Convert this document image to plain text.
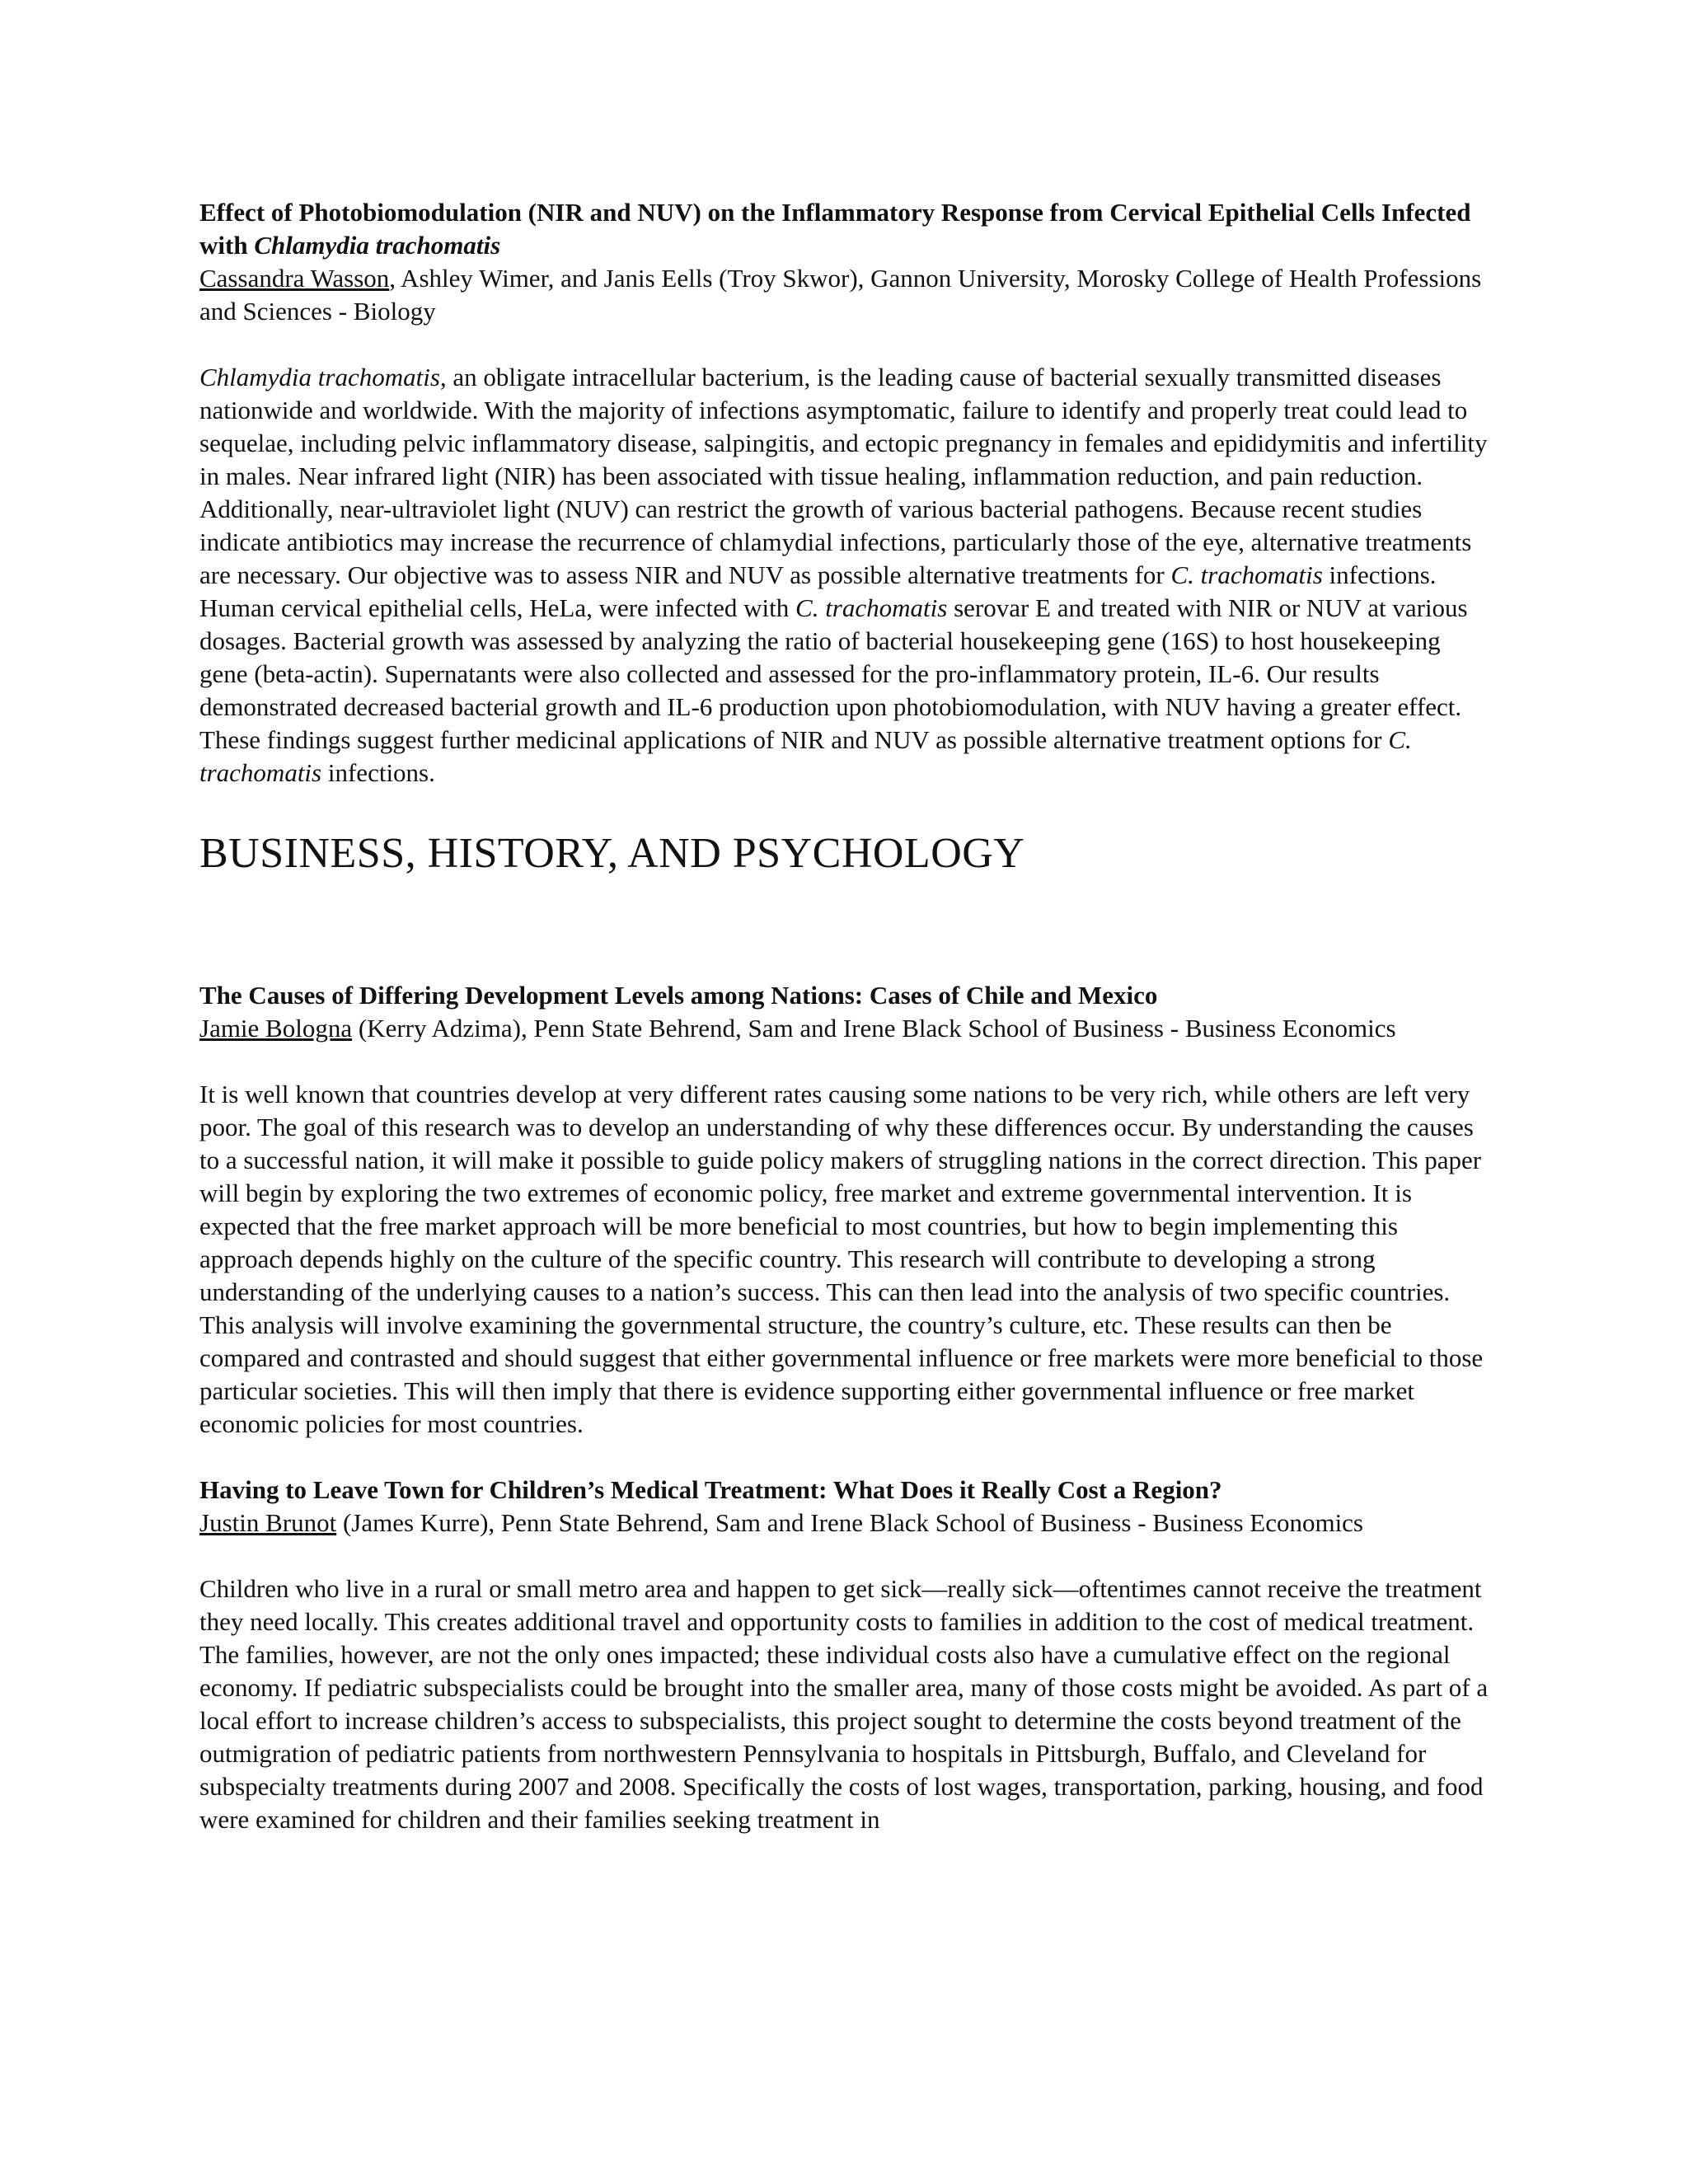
Effect of Photobiomodulation (NIR and NUV) on the Inflammatory Response from Cervical Epithelial Cells Infected with Chlamydia trachomatis

Cassandra Wasson, Ashley Wimer, and Janis Eells (Troy Skwor), Gannon University, Morosky College of Health Professions and Sciences - Biology

Chlamydia trachomatis, an obligate intracellular bacterium, is the leading cause of bacterial sexually transmitted diseases nationwide and worldwide. With the majority of infections asymptomatic, failure to identify and properly treat could lead to sequelae, including pelvic inflammatory disease, salpingitis, and ectopic pregnancy in females and epididymitis and infertility in males. Near infrared light (NIR) has been associated with tissue healing, inflammation reduction, and pain reduction. Additionally, near-ultraviolet light (NUV) can restrict the growth of various bacterial pathogens. Because recent studies indicate antibiotics may increase the recurrence of chlamydial infections, particularly those of the eye, alternative treatments are necessary. Our objective was to assess NIR and NUV as possible alternative treatments for C. trachomatis infections. Human cervical epithelial cells, HeLa, were infected with C. trachomatis serovar E and treated with NIR or NUV at various dosages. Bacterial growth was assessed by analyzing the ratio of bacterial housekeeping gene (16S) to host housekeeping gene (beta-actin). Supernatants were also collected and assessed for the pro-inflammatory protein, IL-6. Our results demonstrated decreased bacterial growth and IL-6 production upon photobiomodulation, with NUV having a greater effect. These findings suggest further medicinal applications of NIR and NUV as possible alternative treatment options for C. trachomatis infections.

BUSINESS, HISTORY, AND PSYCHOLOGY

The Causes of Differing Development Levels among Nations: Cases of Chile and Mexico

Jamie Bologna (Kerry Adzima), Penn State Behrend, Sam and Irene Black School of Business - Business Economics

It is well known that countries develop at very different rates causing some nations to be very rich, while others are left very poor. The goal of this research was to develop an understanding of why these differences occur. By understanding the causes to a successful nation, it will make it possible to guide policy makers of struggling nations in the correct direction. This paper will begin by exploring the two extremes of economic policy, free market and extreme governmental intervention. It is expected that the free market approach will be more beneficial to most countries, but how to begin implementing this approach depends highly on the culture of the specific country. This research will contribute to developing a strong understanding of the underlying causes to a nation’s success. This can then lead into the analysis of two specific countries. This analysis will involve examining the governmental structure, the country’s culture, etc. These results can then be compared and contrasted and should suggest that either governmental influence or free markets were more beneficial to those particular societies. This will then imply that there is evidence supporting either governmental influence or free market economic policies for most countries.

Having to Leave Town for Children’s Medical Treatment: What Does it Really Cost a Region?

Justin Brunot (James Kurre), Penn State Behrend, Sam and Irene Black School of Business - Business Economics

Children who live in a rural or small metro area and happen to get sick—really sick—oftentimes cannot receive the treatment they need locally. This creates additional travel and opportunity costs to families in addition to the cost of medical treatment. The families, however, are not the only ones impacted; these individual costs also have a cumulative effect on the regional economy. If pediatric subspecialists could be brought into the smaller area, many of those costs might be avoided. As part of a local effort to increase children’s access to subspecialists, this project sought to determine the costs beyond treatment of the outmigration of pediatric patients from northwestern Pennsylvania to hospitals in Pittsburgh, Buffalo, and Cleveland for subspecialty treatments during 2007 and 2008. Specifically the costs of lost wages, transportation, parking, housing, and food were examined for children and their families seeking treatment in
